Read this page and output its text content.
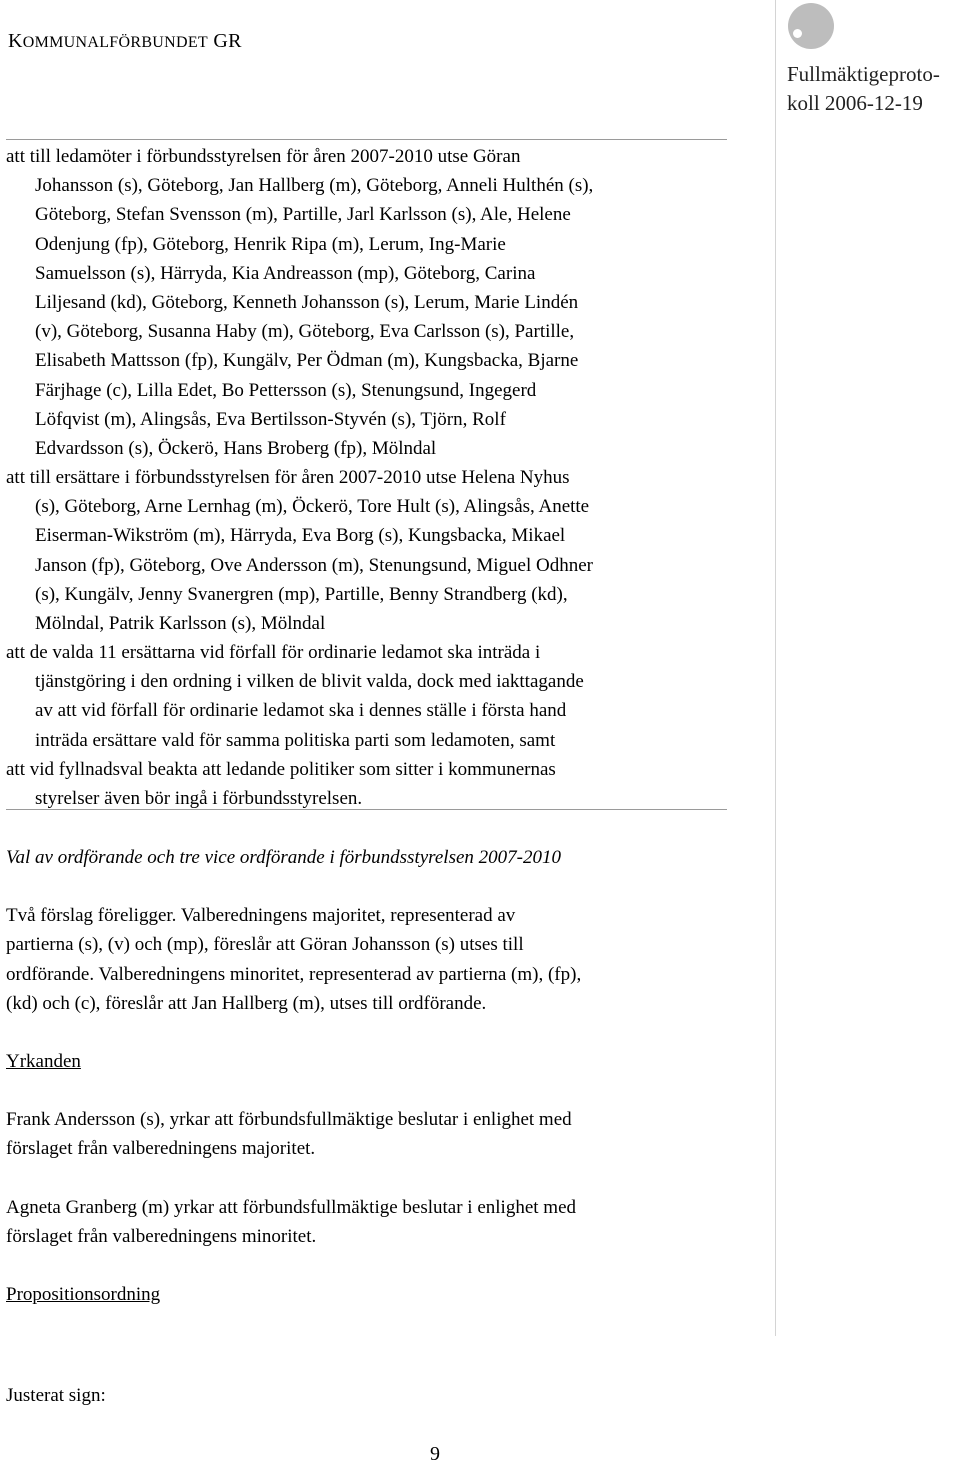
KOMMUNALFÖRBUNDET GR
Fullmäktigeproto-
koll 2006-12-19
att till ledamöter i förbundsstyrelsen för åren 2007-2010 utse Göran
Johansson (s), Göteborg, Jan Hallberg (m), Göteborg, Anneli Hulthén (s),
Göteborg, Stefan Svensson (m), Partille, Jarl Karlsson (s), Ale, Helene
Odenjung (fp), Göteborg, Henrik Ripa (m), Lerum, Ing-Marie
Samuelsson (s), Härryda, Kia Andreasson (mp), Göteborg, Carina
Liljesand (kd), Göteborg, Kenneth Johansson (s), Lerum, Marie Lindén
(v), Göteborg, Susanna Haby (m), Göteborg, Eva Carlsson (s), Partille,
Elisabeth Mattsson (fp), Kungälv, Per Ödman (m), Kungsbacka, Bjarne
Färjhage (c), Lilla Edet, Bo Pettersson (s), Stenungsund, Ingegerd
Löfqvist (m), Alingsås, Eva Bertilsson-Styvén (s), Tjörn, Rolf
Edvardsson (s), Öckerö, Hans Broberg (fp), Mölndal
att till ersättare i förbundsstyrelsen för åren 2007-2010 utse Helena Nyhus
(s), Göteborg, Arne Lernhag (m), Öckerö, Tore Hult (s), Alingsås, Anette
Eiserman-Wikström (m), Härryda, Eva Borg (s), Kungsbacka, Mikael
Janson (fp), Göteborg, Ove Andersson (m), Stenungsund, Miguel Odhner
(s), Kungälv, Jenny Svanergren (mp), Partille, Benny Strandberg (kd),
Mölndal, Patrik Karlsson (s), Mölndal
att de valda 11 ersättarna vid förfall för ordinarie ledamot ska inträda i
tjänstgöring i den ordning i vilken de blivit valda, dock med iakttagande
av att vid förfall för ordinarie ledamot ska i dennes ställe i första hand
inträda ersättare vald för samma politiska parti som ledamoten, samt
att vid fyllnadsval beakta att ledande politiker som sitter i kommunernas
styrelser även bör ingå i förbundsstyrelsen.
Val av ordförande och tre vice ordförande i förbundsstyrelsen 2007-2010
Två förslag föreligger. Valberedningens majoritet, representerad av
partierna (s), (v) och (mp), föreslår att Göran Johansson (s) utses till
ordförande. Valberedningens minoritet, representerad av partierna (m), (fp),
(kd) och (c), föreslår att Jan Hallberg (m), utses till ordförande.
Yrkanden
Frank Andersson (s), yrkar att förbundsfullmäktige beslutar i enlighet med
förslaget från valberedningens majoritet.
Agneta Granberg (m) yrkar att förbundsfullmäktige beslutar i enlighet med
förslaget från valberedningens minoritet.
Propositionsordning
Justerat sign:
9
